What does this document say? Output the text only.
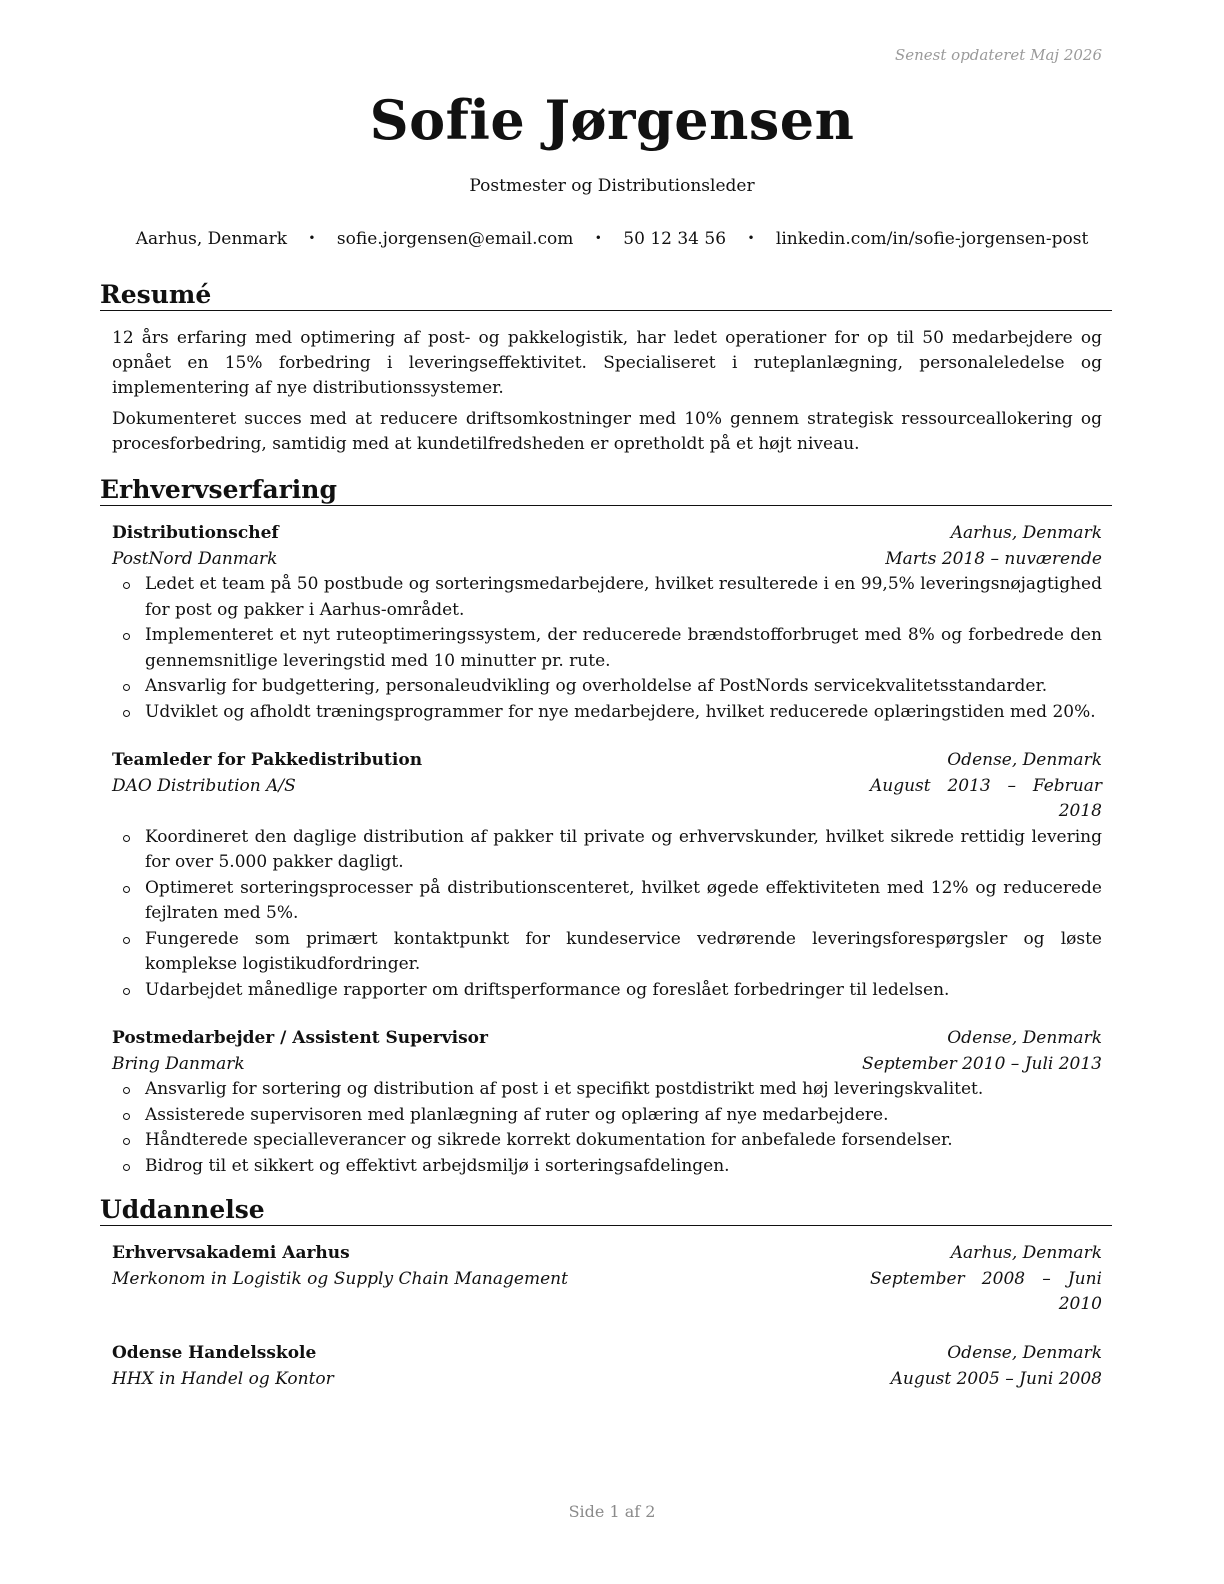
Senest opdateret Maj 2026
Sofie Jørgensen
Postmester og Distributionsleder
Aarhus, Denmark • sofie.jorgensen@email.com • 50 12 34 56 • linkedin.com/in/sofie-jorgensen-post
Resumé

12 års erfaring med optimering af post- og pakkelogistik, har ledet operationer for op til 50 medarbejdere og opnået en 15% forbedring i leveringseffektivitet. Specialiseret i ruteplanlægning, personaleledelse og implementering af nye distributionssystemer.

Dokumenteret succes med at reducere driftsomkostninger med 10% gennem strategisk ressourceallokering og procesforbedring, samtidig med at kundetilfredsheden er opretholdt på et højt niveau.

Erhvervserfaring
Distributionschef	Aarhus, Denmark
PostNord Danmark	Marts 2018 – nuværende
Ledet et team på 50 postbude og sorteringsmedarbejdere, hvilket resulterede i en 99,5% leveringsnøjagtighed for post og pakker i Aarhus-området.
Implementeret et nyt ruteoptimeringssystem, der reducerede brændstofforbruget med 8% og forbedrede den gennemsnitlige leveringstid med 10 minutter pr. rute.
Ansvarlig for budgettering, personaleudvikling og overholdelse af PostNords servicekvalitetsstandarder.
Udviklet og afholdt træningsprogrammer for nye medarbejdere, hvilket reducerede oplæringstiden med 20%.
Teamleder for Pakkedistribution	Odense, Denmark
DAO Distribution A/S	August 2013 – Februar 2018
Koordineret den daglige distribution af pakker til private og erhvervskunder, hvilket sikrede rettidig levering for over 5.000 pakker dagligt.
Optimeret sorteringsprocesser på distributionscenteret, hvilket øgede effektiviteten med 12% og reducerede fejlraten med 5%.
Fungerede som primært kontaktpunkt for kundeservice vedrørende leveringsforespørgsler og løste komplekse logistikudfordringer.
Udarbejdet månedlige rapporter om driftsperformance og foreslået forbedringer til ledelsen.
Postmedarbejder / Assistent Supervisor	Odense, Denmark
Bring Danmark	September 2010 – Juli 2013
Ansvarlig for sortering og distribution af post i et specifikt postdistrikt med høj leveringskvalitet.
Assisterede supervisoren med planlægning af ruter og oplæring af nye medarbejdere.
Håndterede specialleverancer og sikrede korrekt dokumentation for anbefalede forsendelser.
Bidrog til et sikkert og effektivt arbejdsmiljø i sorteringsafdelingen.
Uddannelse
Erhvervsakademi Aarhus	Aarhus, Denmark
Merkonom in Logistik og Supply Chain Management	September 2008 – Juni 2010
Odense Handelsskole	Odense, Denmark
HHX in Handel og Kontor	August 2005 – Juni 2008
Side 1 af 2
